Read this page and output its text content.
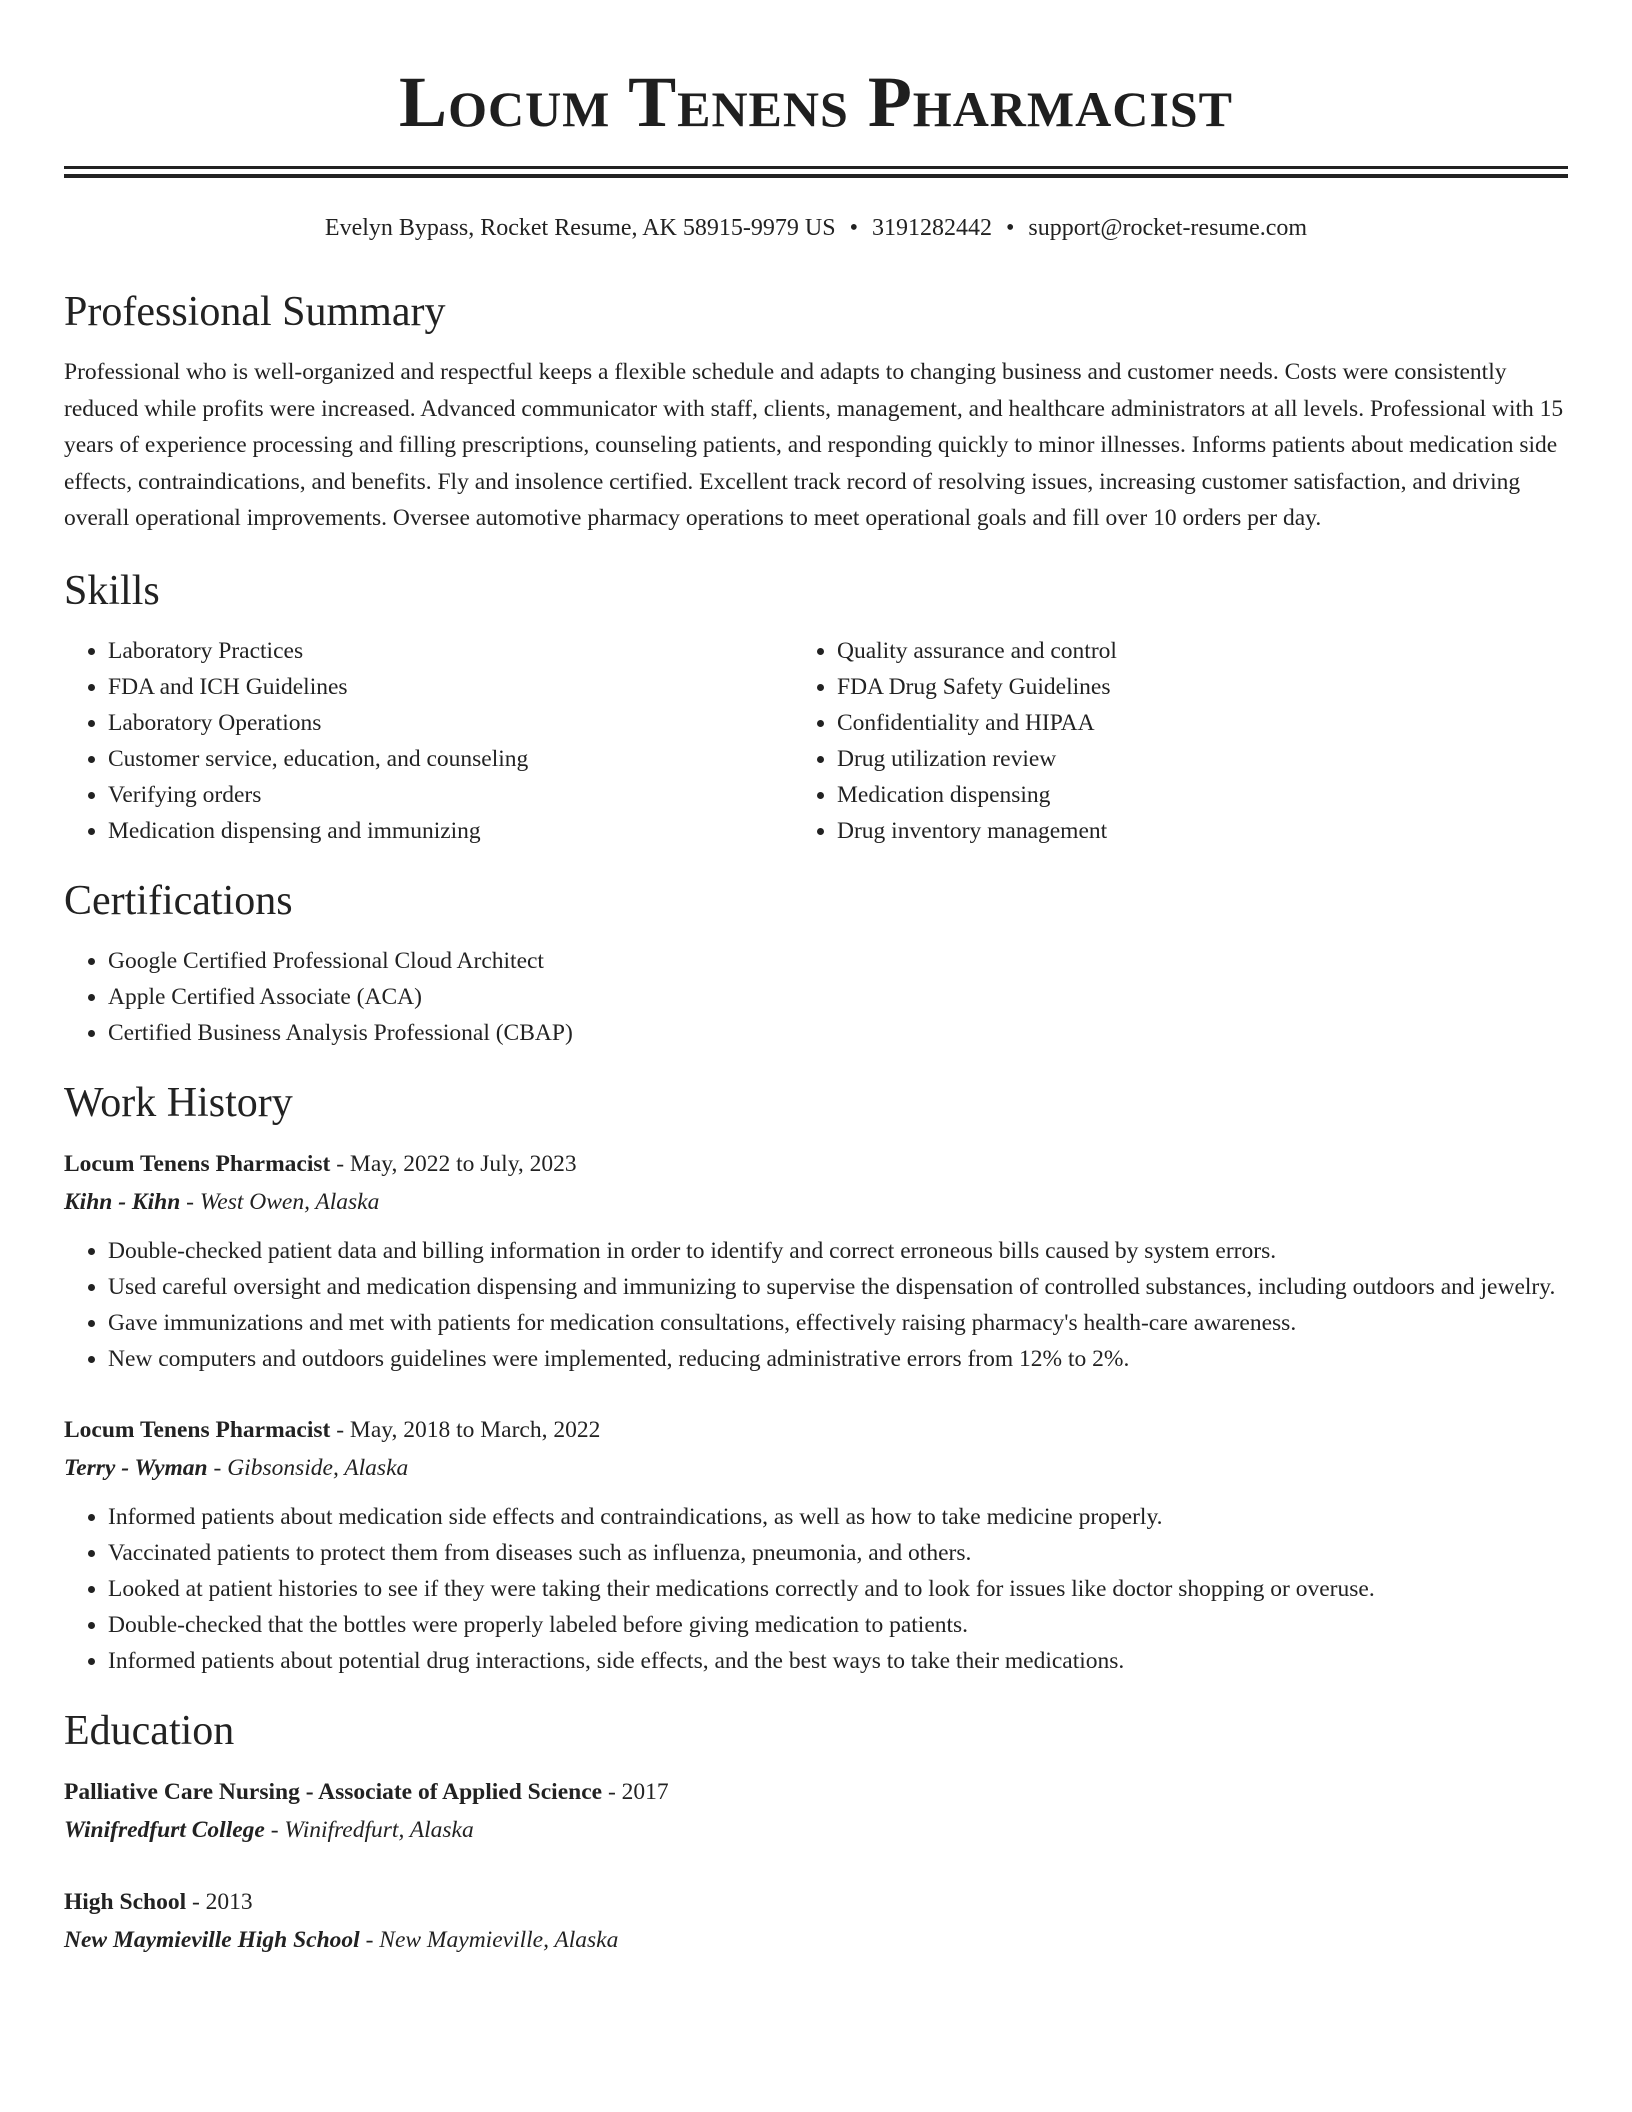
Locum Tenens Pharmacist
Evelyn Bypass, Rocket Resume, AK 58915-9979 US • 3191282442 • support@rocket-resume.com
Professional Summary
Professional who is well-organized and respectful keeps a flexible schedule and adapts to changing business and customer needs. Costs were consistently reduced while profits were increased. Advanced communicator with staff, clients, management, and healthcare administrators at all levels. Professional with 15 years of experience processing and filling prescriptions, counseling patients, and responding quickly to minor illnesses. Informs patients about medication side effects, contraindications, and benefits. Fly and insolence certified. Excellent track record of resolving issues, increasing customer satisfaction, and driving overall operational improvements. Oversee automotive pharmacy operations to meet operational goals and fill over 10 orders per day.
Skills
• Laboratory Practices
• FDA and ICH Guidelines
• Laboratory Operations
• Customer service, education, and counseling
• Verifying orders
• Medication dispensing and immunizing
• Quality assurance and control
• FDA Drug Safety Guidelines
• Confidentiality and HIPAA
• Drug utilization review
• Medication dispensing
• Drug inventory management
Certifications
• Google Certified Professional Cloud Architect
• Apple Certified Associate (ACA)
• Certified Business Analysis Professional (CBAP)
Work History
Locum Tenens Pharmacist - May, 2022 to July, 2023
Kihn - Kihn - West Owen, Alaska
• Double-checked patient data and billing information in order to identify and correct erroneous bills caused by system errors.
• Used careful oversight and medication dispensing and immunizing to supervise the dispensation of controlled substances, including outdoors and jewelry.
• Gave immunizations and met with patients for medication consultations, effectively raising pharmacy's health-care awareness.
• New computers and outdoors guidelines were implemented, reducing administrative errors from 12% to 2%.
Locum Tenens Pharmacist - May, 2018 to March, 2022
Terry - Wyman - Gibsonside, Alaska
• Informed patients about medication side effects and contraindications, as well as how to take medicine properly.
• Vaccinated patients to protect them from diseases such as influenza, pneumonia, and others.
• Looked at patient histories to see if they were taking their medications correctly and to look for issues like doctor shopping or overuse.
• Double-checked that the bottles were properly labeled before giving medication to patients.
• Informed patients about potential drug interactions, side effects, and the best ways to take their medications.
Education
Palliative Care Nursing - Associate of Applied Science - 2017
Winifredfurt College - Winifredfurt, Alaska
High School - 2013
New Maymieville High School - New Maymieville, Alaska
